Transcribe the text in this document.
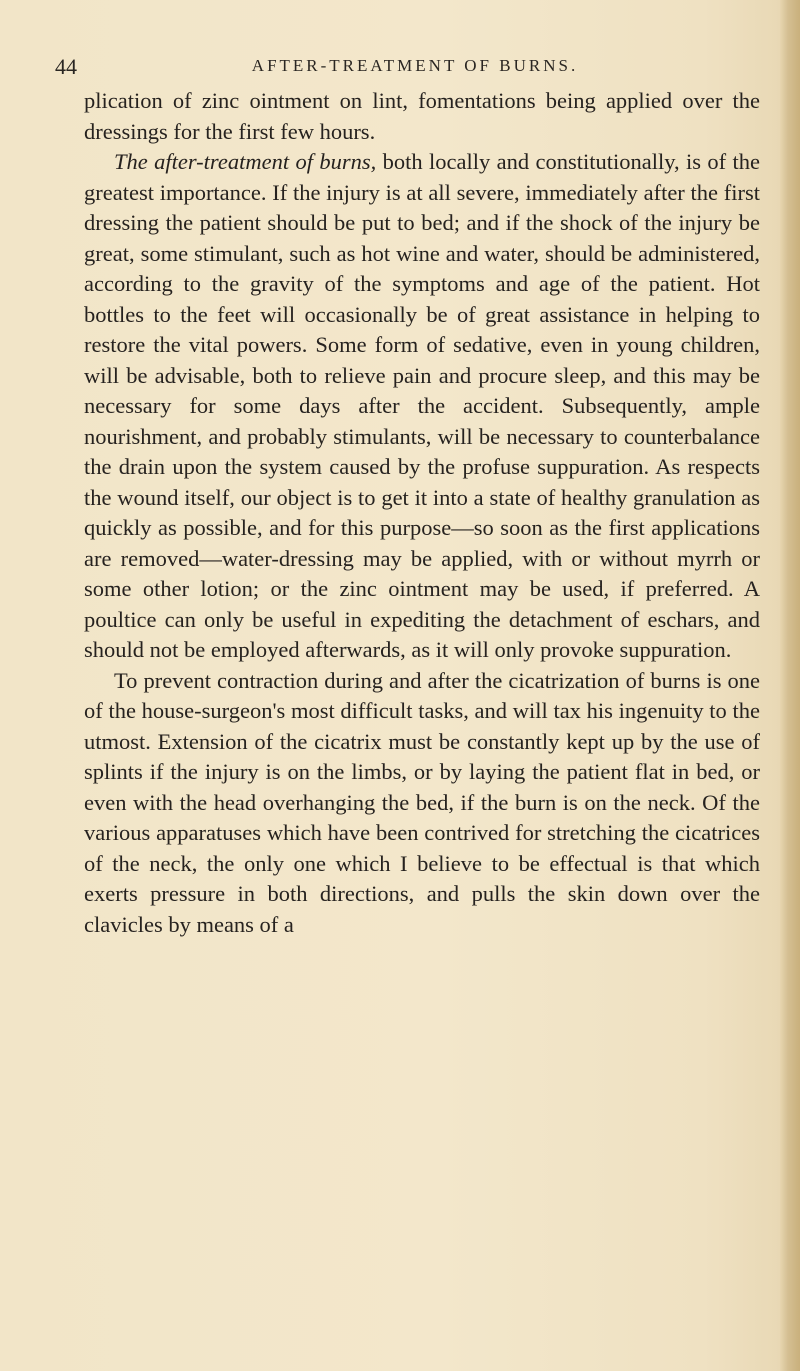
44	AFTER-TREATMENT OF BURNS.

plication of zinc ointment on lint, fomentations being applied over the dressings for the first few hours.

The after-treatment of burns, both locally and constitutionally, is of the greatest importance. If the injury is at all severe, immediately after the first dressing the patient should be put to bed; and if the shock of the injury be great, some stimulant, such as hot wine and water, should be administered, according to the gravity of the symptoms and age of the patient. Hot bottles to the feet will occasionally be of great assistance in helping to restore the vital powers. Some form of sedative, even in young children, will be advisable, both to relieve pain and procure sleep, and this may be necessary for some days after the accident. Subsequently, ample nourishment, and probably stimulants, will be necessary to counterbalance the drain upon the system caused by the profuse suppuration. As respects the wound itself, our object is to get it into a state of healthy granulation as quickly as possible, and for this purpose—so soon as the first applications are removed—water-dressing may be applied, with or without myrrh or some other lotion; or the zinc ointment may be used, if preferred. A poultice can only be useful in expediting the detachment of eschars, and should not be employed afterwards, as it will only provoke suppuration.

To prevent contraction during and after the cicatrization of burns is one of the house-surgeon's most difficult tasks, and will tax his ingenuity to the utmost. Extension of the cicatrix must be constantly kept up by the use of splints if the injury is on the limbs, or by laying the patient flat in bed, or even with the head overhanging the bed, if the burn is on the neck. Of the various apparatuses which have been contrived for stretching the cicatrices of the neck, the only one which I believe to be effectual is that which exerts pressure in both directions, and pulls the skin down over the clavicles by means of a
